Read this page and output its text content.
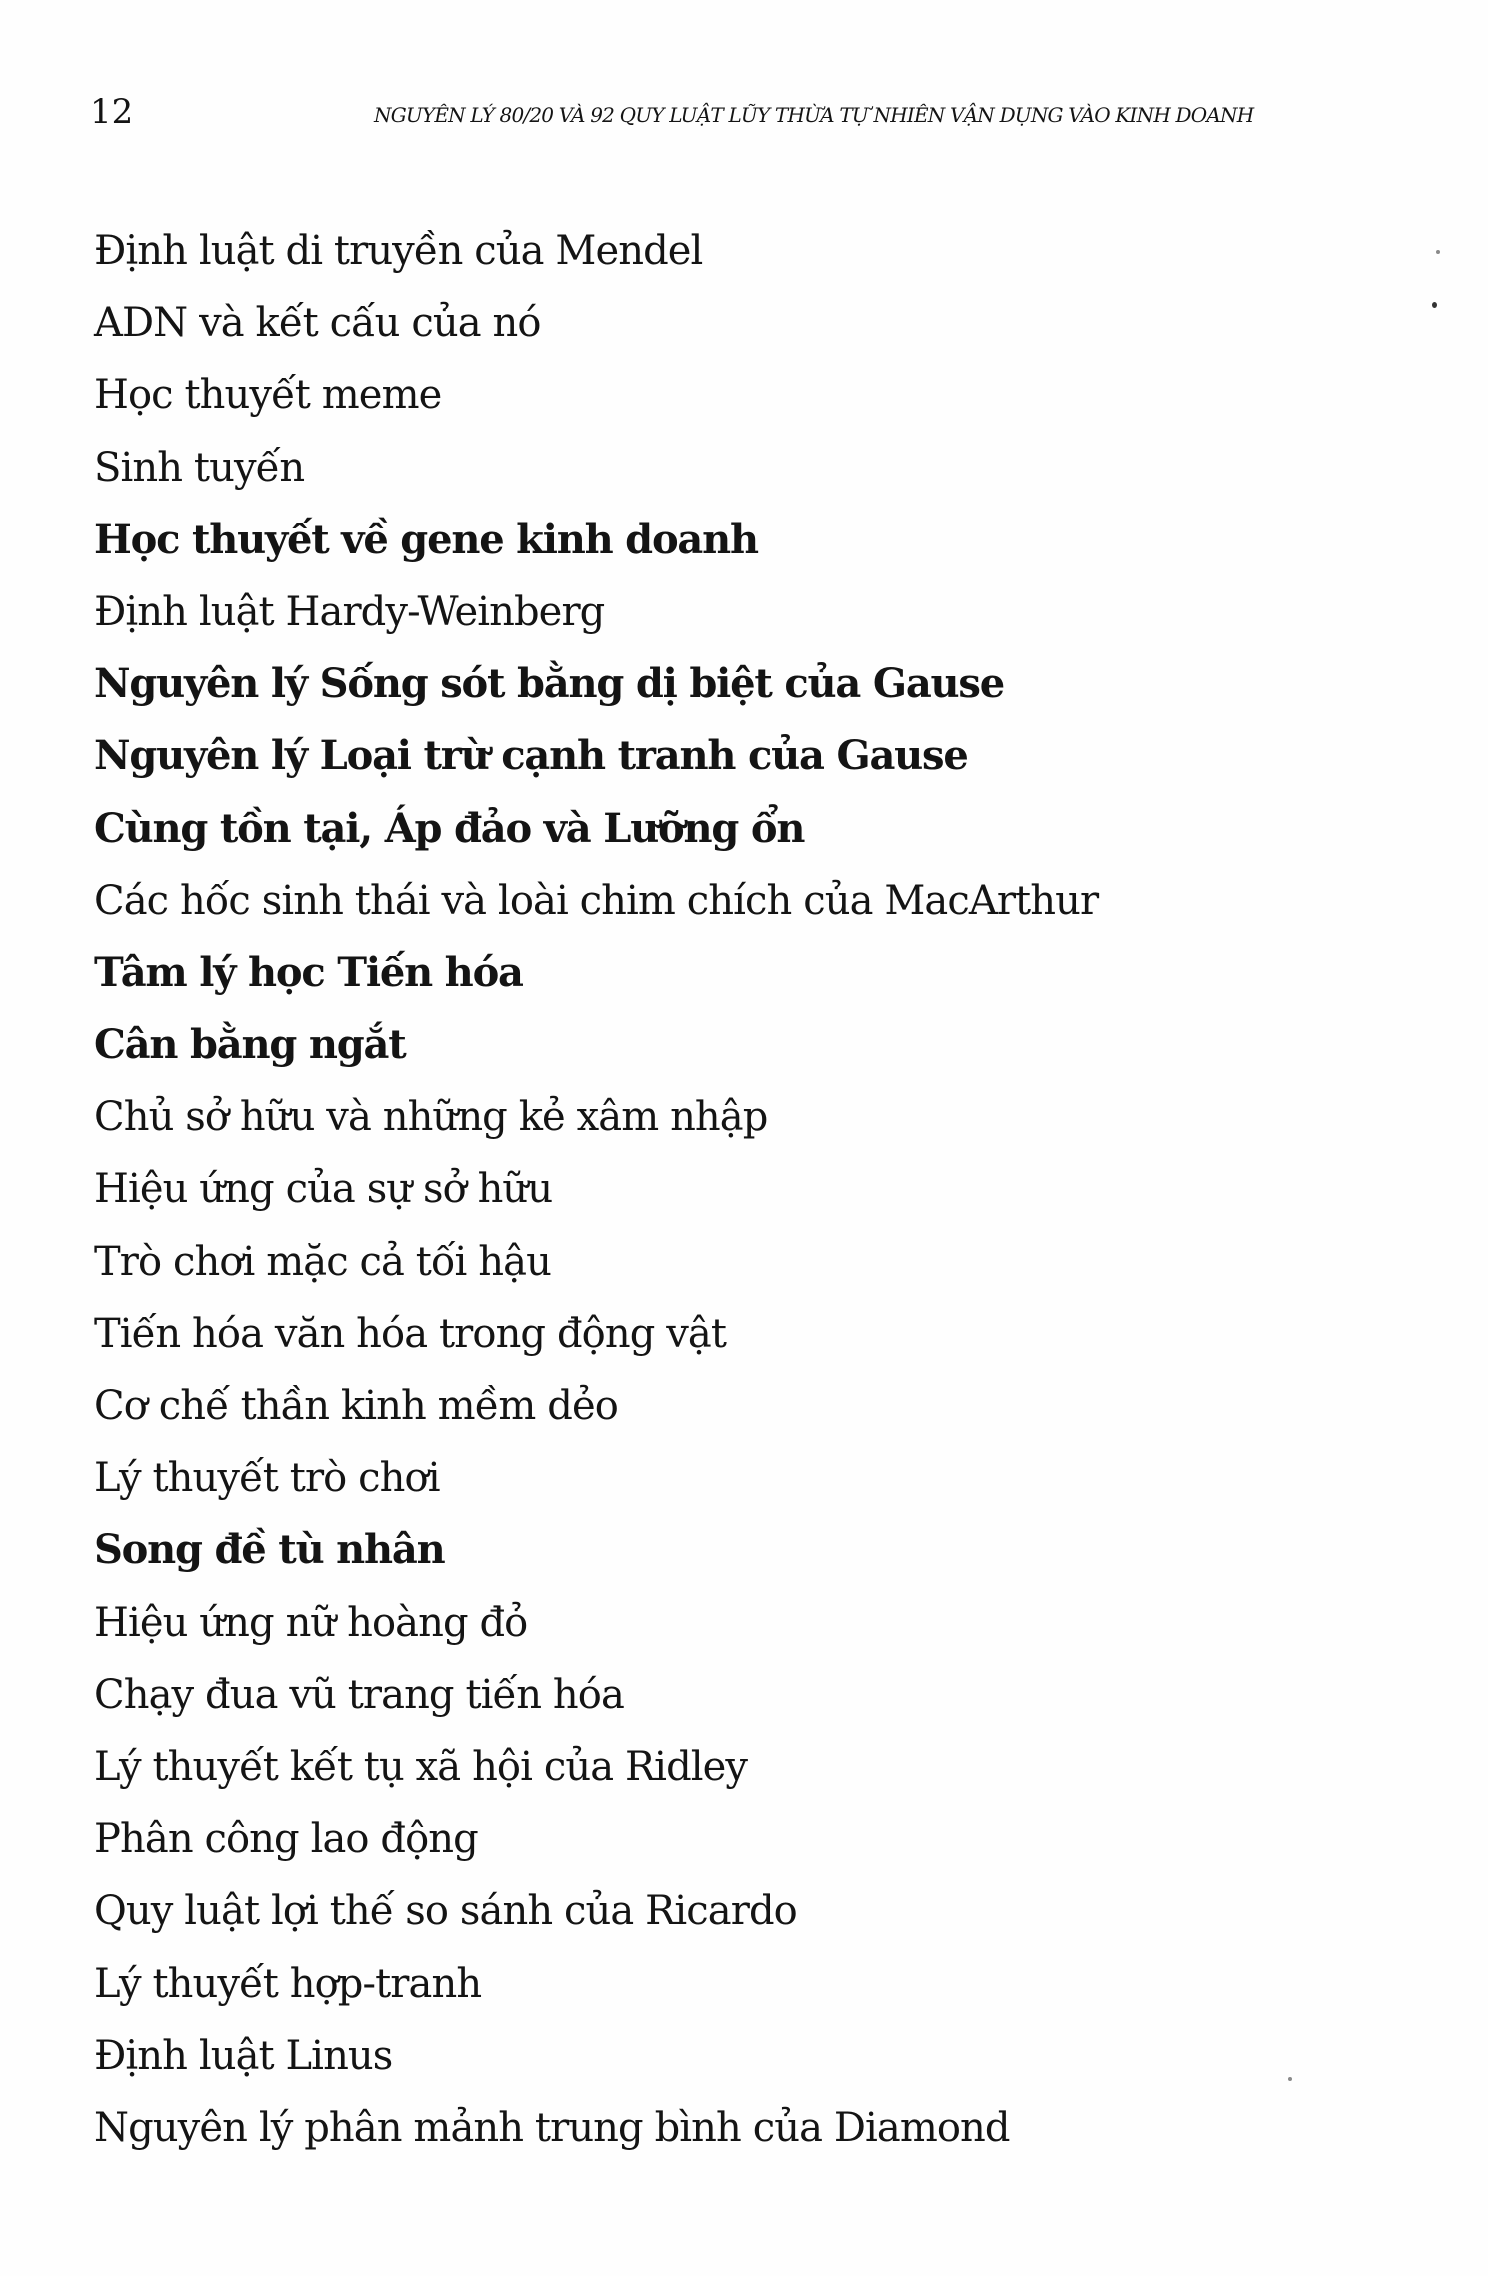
12	NGUYÊN LÝ 80/20 VÀ 92 QUY LUẬT LŨY THỪA TỰ NHIÊN VẬN DỤNG VÀO KINH DOANH
Định luật di truyền của Mendel
ADN và kết cấu của nó
Học thuyết meme
Sinh tuyến
Học thuyết về gene kinh doanh
Định luật Hardy-Weinberg
Nguyên lý Sống sót bằng dị biệt của Gause
Nguyên lý Loại trừ cạnh tranh của Gause
Cùng tồn tại, Áp đảo và Lưỡng ổn
Các hốc sinh thái và loài chim chích của MacArthur
Tâm lý học Tiến hóa
Cân bằng ngắt
Chủ sở hữu và những kẻ xâm nhập
Hiệu ứng của sự sở hữu
Trò chơi mặc cả tối hậu
Tiến hóa văn hóa trong động vật
Cơ chế thần kinh mềm dẻo
Lý thuyết trò chơi
Song đề tù nhân
Hiệu ứng nữ hoàng đỏ
Chạy đua vũ trang tiến hóa
Lý thuyết kết tụ xã hội của Ridley
Phân công lao động
Quy luật lợi thế so sánh của Ricardo
Lý thuyết hợp-tranh
Định luật Linus
Nguyên lý phân mảnh trung bình của Diamond
